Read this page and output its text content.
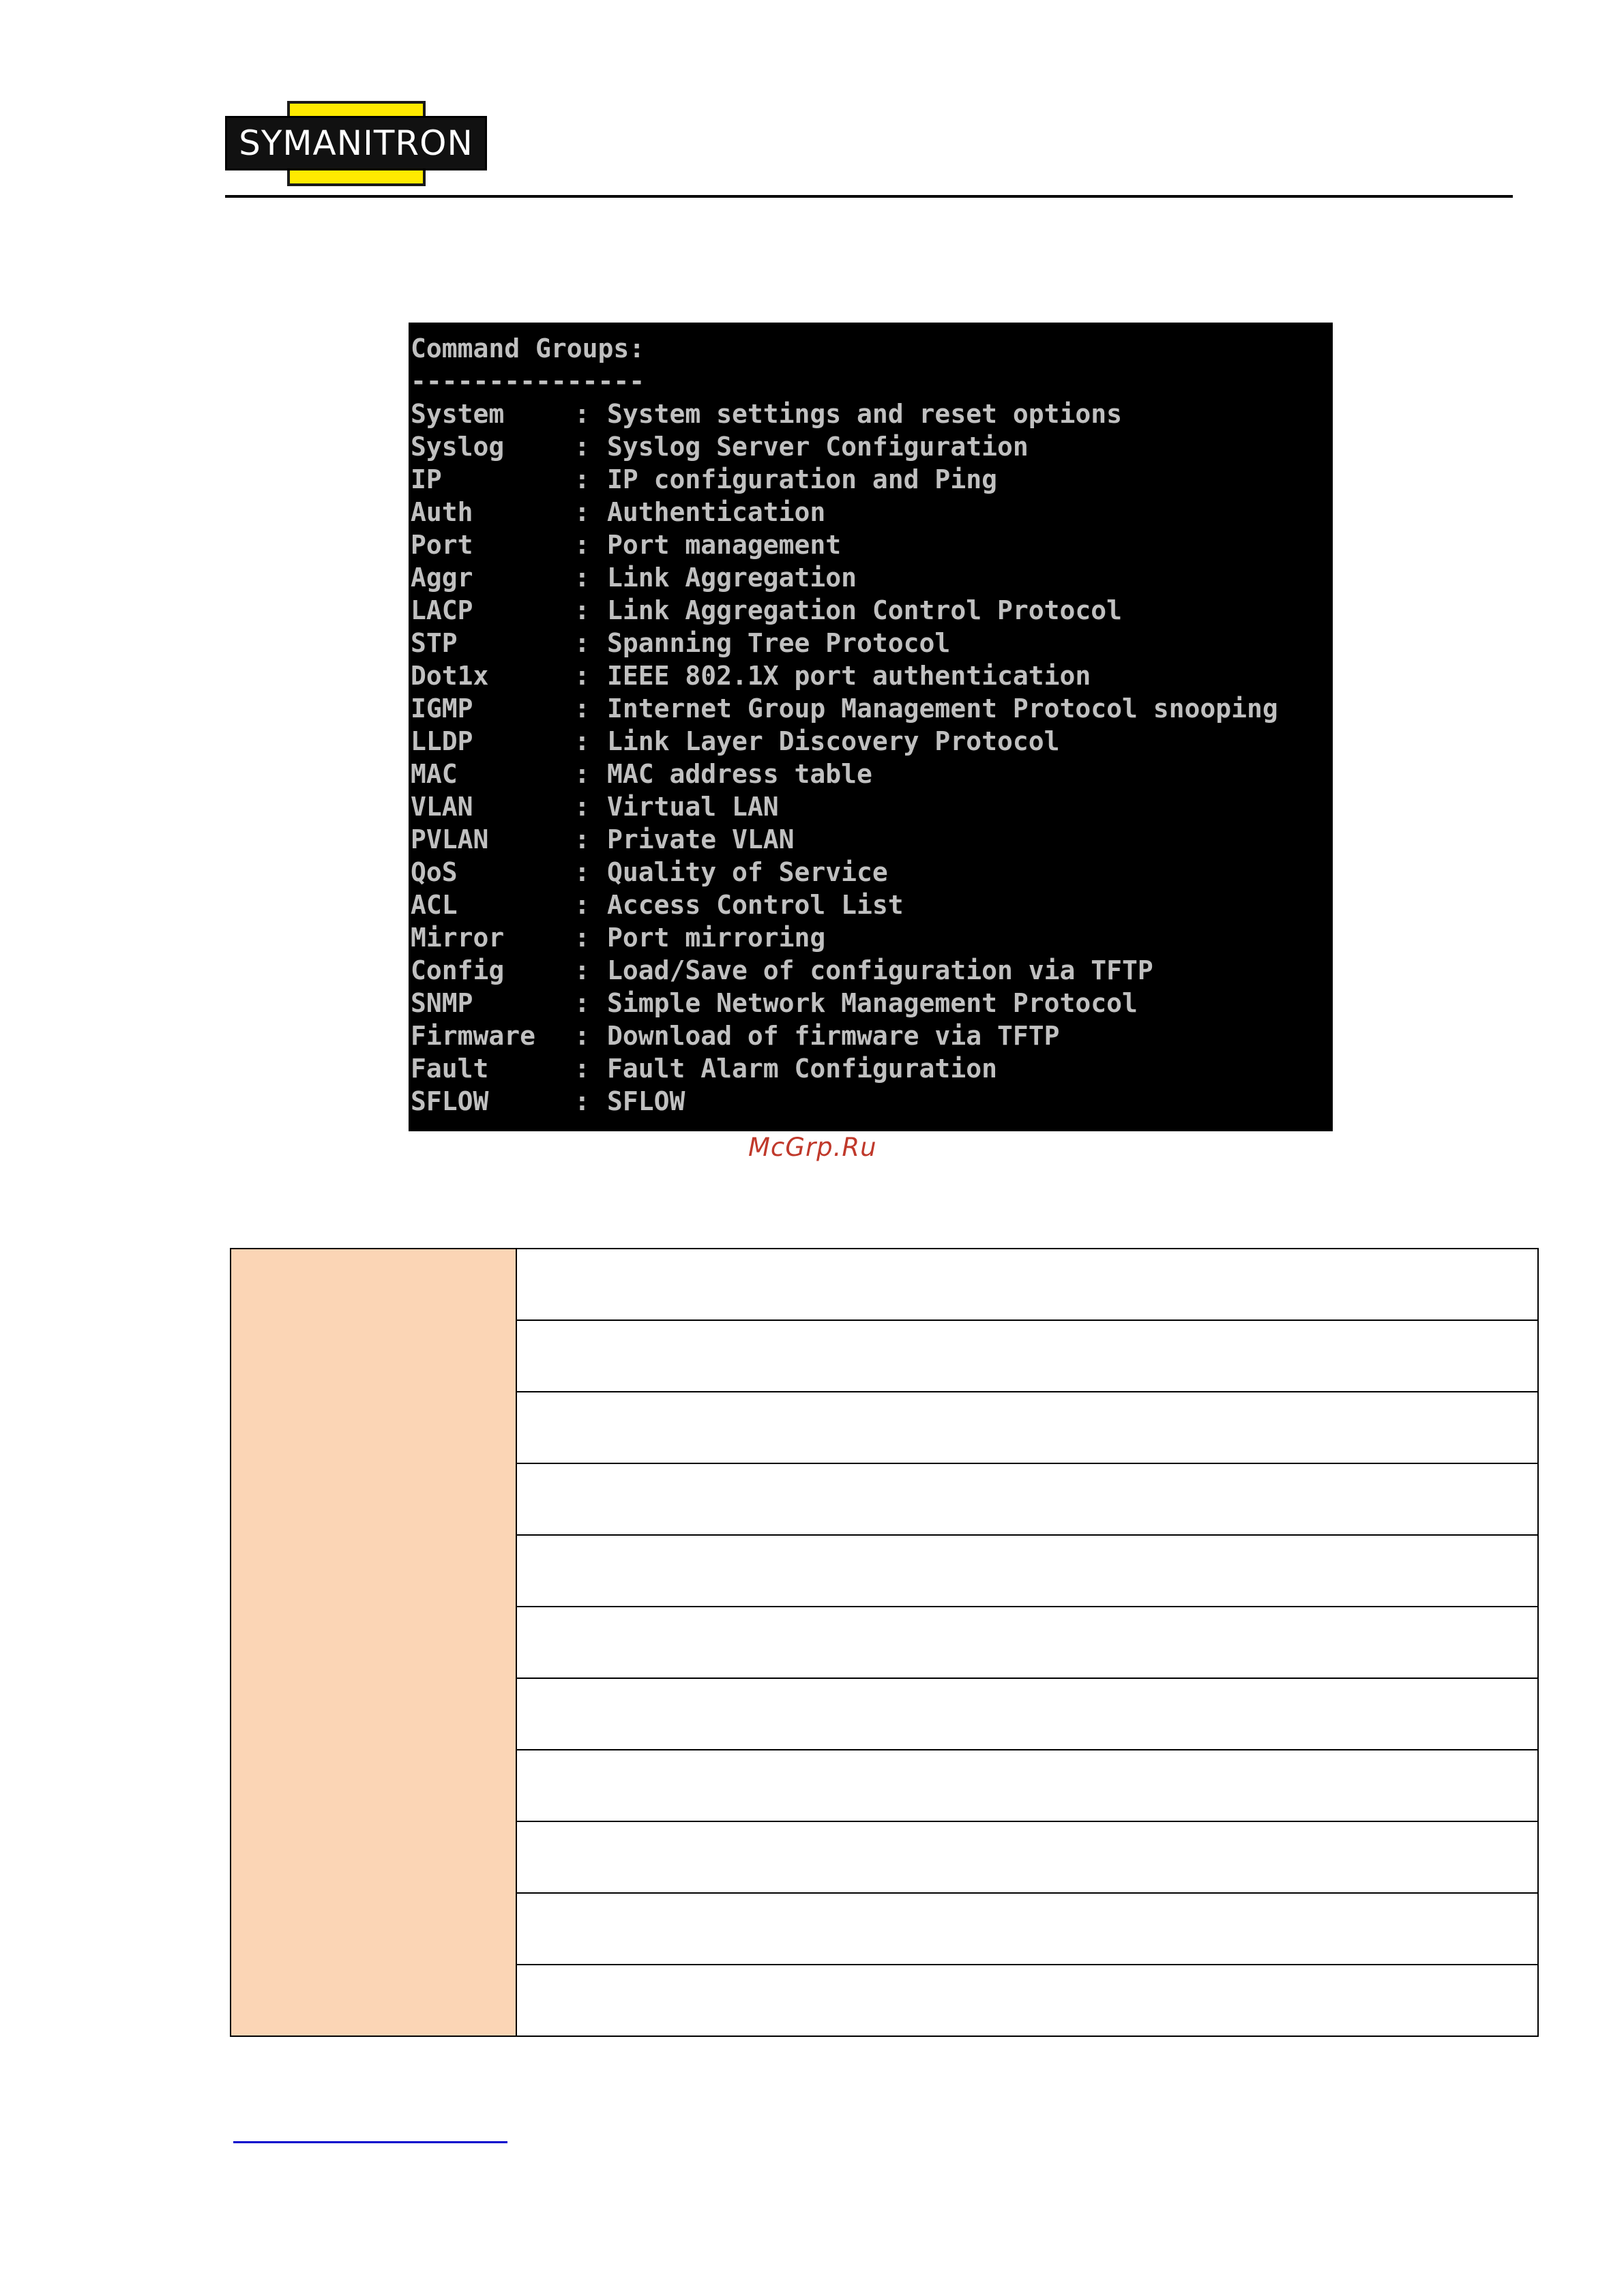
SYMANITRON
Command Groups:
---------------
System	: System settings and reset options
Syslog	: Syslog Server Configuration
IP	: IP configuration and Ping
Auth	: Authentication
Port	: Port management
Aggr	: Link Aggregation
LACP	: Link Aggregation Control Protocol
STP	: Spanning Tree Protocol
Dot1x	: IEEE 802.1X port authentication
IGMP	: Internet Group Management Protocol snooping
LLDP	: Link Layer Discovery Protocol
MAC	: MAC address table
VLAN	: Virtual LAN
PVLAN	: Private VLAN
QoS	: Quality of Service
ACL	: Access Control List
Mirror	: Port mirroring
Config	: Load/Save of configuration via TFTP
SNMP	: Simple Network Management Protocol
Firmware	: Download of firmware via TFTP
Fault	: Fault Alarm Configuration
SFLOW	: SFLOW
McGrp.Ru
